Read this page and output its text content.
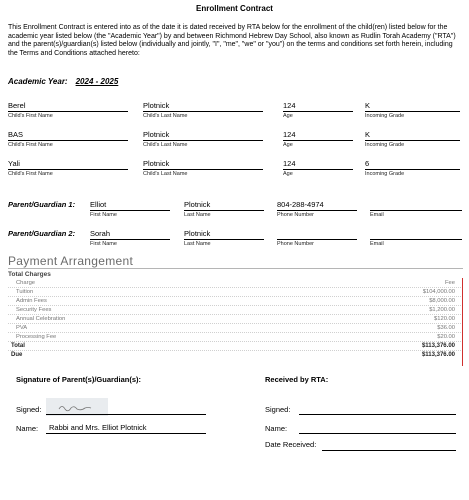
Enrollment Contract
This Enrollment Contract is entered into as of the date it is dated received by RTA below for the enrollment of the child(ren) listed below for the academic year listed below (the "Academic Year") by and between Richmond Hebrew Day School, also known as Rudlin Torah Academy ("RTA") and the parent(s)/guardian(s) listed below (individually and jointly, "I", "me", "we" or "you") on the terms and conditions set forth herein, including the Terms and Conditions attached hereto:
Academic Year: 2024 - 2025
Berel
Child's First Name
Plotnick
Child's Last Name
124
Age
K
Incoming Grade
BAS
Child's First Name
Plotnick
Child's Last Name
124
Age
K
Incoming Grade
Yali
Child's First Name
Plotnick
Child's Last Name
124
Age
6
Incoming Grade
Parent/Guardian 1: Elliot
First Name
Plotnick
Last Name
804-288-4974
Phone Number	Email
Parent/Guardian 2: Sorah
First Name
Plotnick
Last Name	Phone Number	Email
Payment Arrangement
Total Charges
Charge	Fee
Tuition	$104,000.00
Admin Fees	$8,000.00
Security Fees	$1,200.00
Annual Celebration	$120.00
PVA	$36.00
Processing Fee	$20.00
Total	$113,376.00
Due	$113,376.00
Signature of Parent(s)/Guardian(s):	Received by RTA:
Signed:
Name: Rabbi and Mrs. Elliot Plotnick
Signed:
Name:
Date Received:
